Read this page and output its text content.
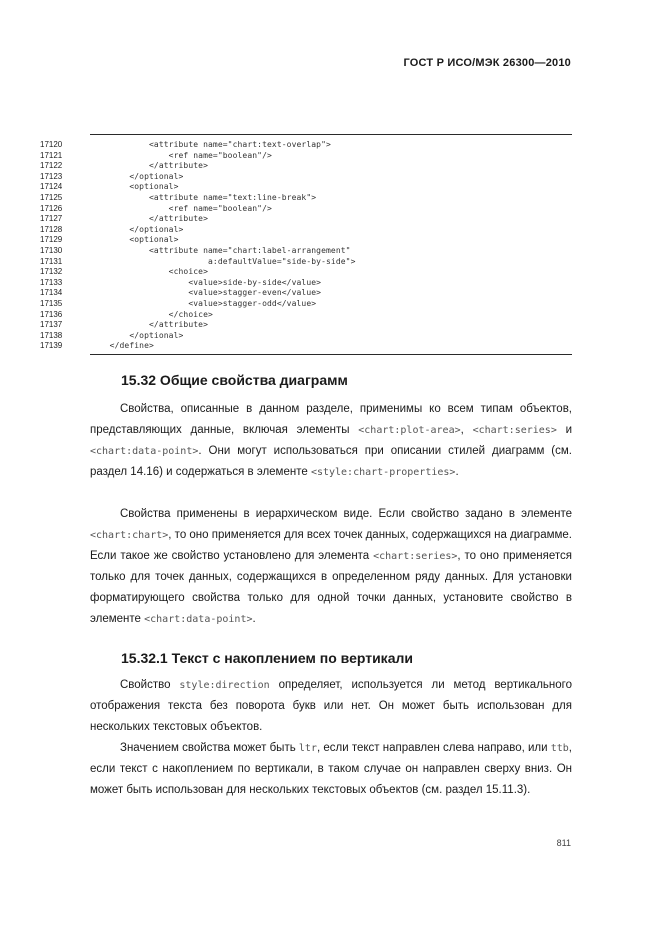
ГОСТ Р ИСО/МЭК 26300—2010
17120	<attribute name="chart:text-overlap">
17121	<ref name="boolean"/>
17122	</attribute>
17123	</optional>
17124	<optional>
17125	<attribute name="text:line-break">
17126	<ref name="boolean"/>
17127	</attribute>
17128	</optional>
17129	<optional>
17130	<attribute name="chart:label-arrangement"
17131	a:defaultValue="side-by-side">
17132	<choice>
17133	<value>side-by-side</value>
17134	<value>stagger-even</value>
17135	<value>stagger-odd</value>
17136	</choice>
17137	</attribute>
17138	</optional>
17139	</define>
15.32 Общие свойства диаграмм

Свойства, описанные в данном разделе, применимы ко всем типам объектов, представляющих данные, включая элементы <chart:plot-area>, <chart:series> и <chart:data-point>. Они могут использоваться при описании стилей диаграмм (см. раздел 14.16) и содержаться в элементе <style:chart-properties>.

Свойства применены в иерархическом виде. Если свойство задано в элементе <chart:chart>, то оно применяется для всех точек данных, содержащихся на диаграмме. Если такое же свойство установлено для элемента <chart:series>, то оно применяется только для точек данных, содержащихся в определенном ряду данных. Для установки форматирующего свойства только для одной точки данных, установите свойство в элементе <chart:data-point>.

15.32.1 Текст с накоплением по вертикали

Свойство style:direction определяет, используется ли метод вертикального отображения текста без поворота букв или нет. Он может быть использован для нескольких текстовых объектов.

Значением свойства может быть ltr, если текст направлен слева направо, или ttb, если текст с накоплением по вертикали, в таком случае он направлен сверху вниз. Он может быть использован для нескольких текстовых объектов (см. раздел 15.11.3).

811
